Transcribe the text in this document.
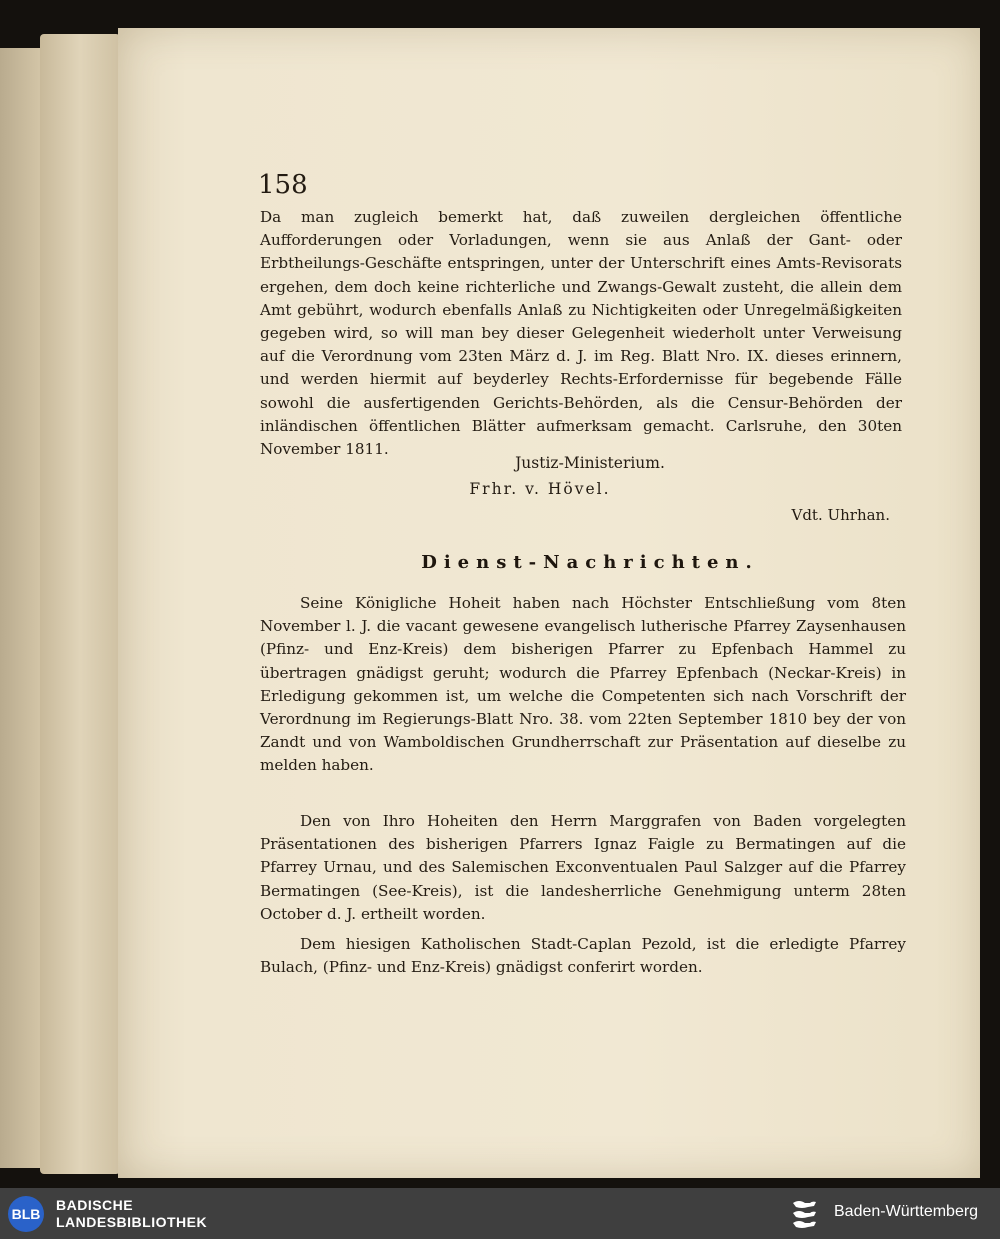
158
Da man zugleich bemerkt hat, daß zuweilen dergleichen öffentliche Aufforderungen oder Vorladungen, wenn sie aus Anlaß der Gant- oder Erbtheilungs-Geschäfte entspringen, unter der Unterschrift eines Amts-Revisorats ergehen, dem doch keine richterliche und Zwangs-Gewalt zusteht, die allein dem Amt gebührt, wodurch ebenfalls Anlaß zu Nichtigkeiten oder Unregelmäßigkeiten gegeben wird, so will man bey dieser Gelegenheit wiederholt unter Verweisung auf die Verordnung vom 23ten März d. J. im Reg. Blatt Nro. IX. dieses erinnern, und werden hiermit auf beyderley Rechts-Erfordernisse für begebende Fälle sowohl die ausfertigenden Gerichts-Behörden, als die Censur-Behörden der inländischen öffentlichen Blätter aufmerksam gemacht. Carlsruhe, den 30ten November 1811.
Justiz-Ministerium.
Frhr. v. Hövel.
Vdt. Uhrhan.
Dienst-Nachrichten.
Seine Königliche Hoheit haben nach Höchster Entschließung vom 8ten November l. J. die vacant gewesene evangelisch lutherische Pfarrey Zaysenhausen (Pfinz- und Enz-Kreis) dem bisherigen Pfarrer zu Epfenbach Hammel zu übertragen gnädigst geruht; wodurch die Pfarrey Epfenbach (Neckar-Kreis) in Erledigung gekommen ist, um welche die Competenten sich nach Vorschrift der Verordnung im Regierungs-Blatt Nro. 38. vom 22ten September 1810 bey der von Zandt und von Wamboldischen Grundherrschaft zur Präsentation auf dieselbe zu melden haben.
Den von Ihro Hoheiten den Herrn Marggrafen von Baden vorgelegten Präsentationen des bisherigen Pfarrers Ignaz Faigle zu Bermatingen auf die Pfarrey Urnau, und des Salemischen Exconventualen Paul Salzger auf die Pfarrey Bermatingen (See-Kreis), ist die landesherrliche Genehmigung unterm 28ten October d. J. ertheilt worden.
Dem hiesigen Katholischen Stadt-Caplan Pezold, ist die erledigte Pfarrey Bulach, (Pfinz- und Enz-Kreis) gnädigst conferirt worden.
BLB
BADISCHE
LANDESBIBLIOTHEK
Baden-Württemberg
